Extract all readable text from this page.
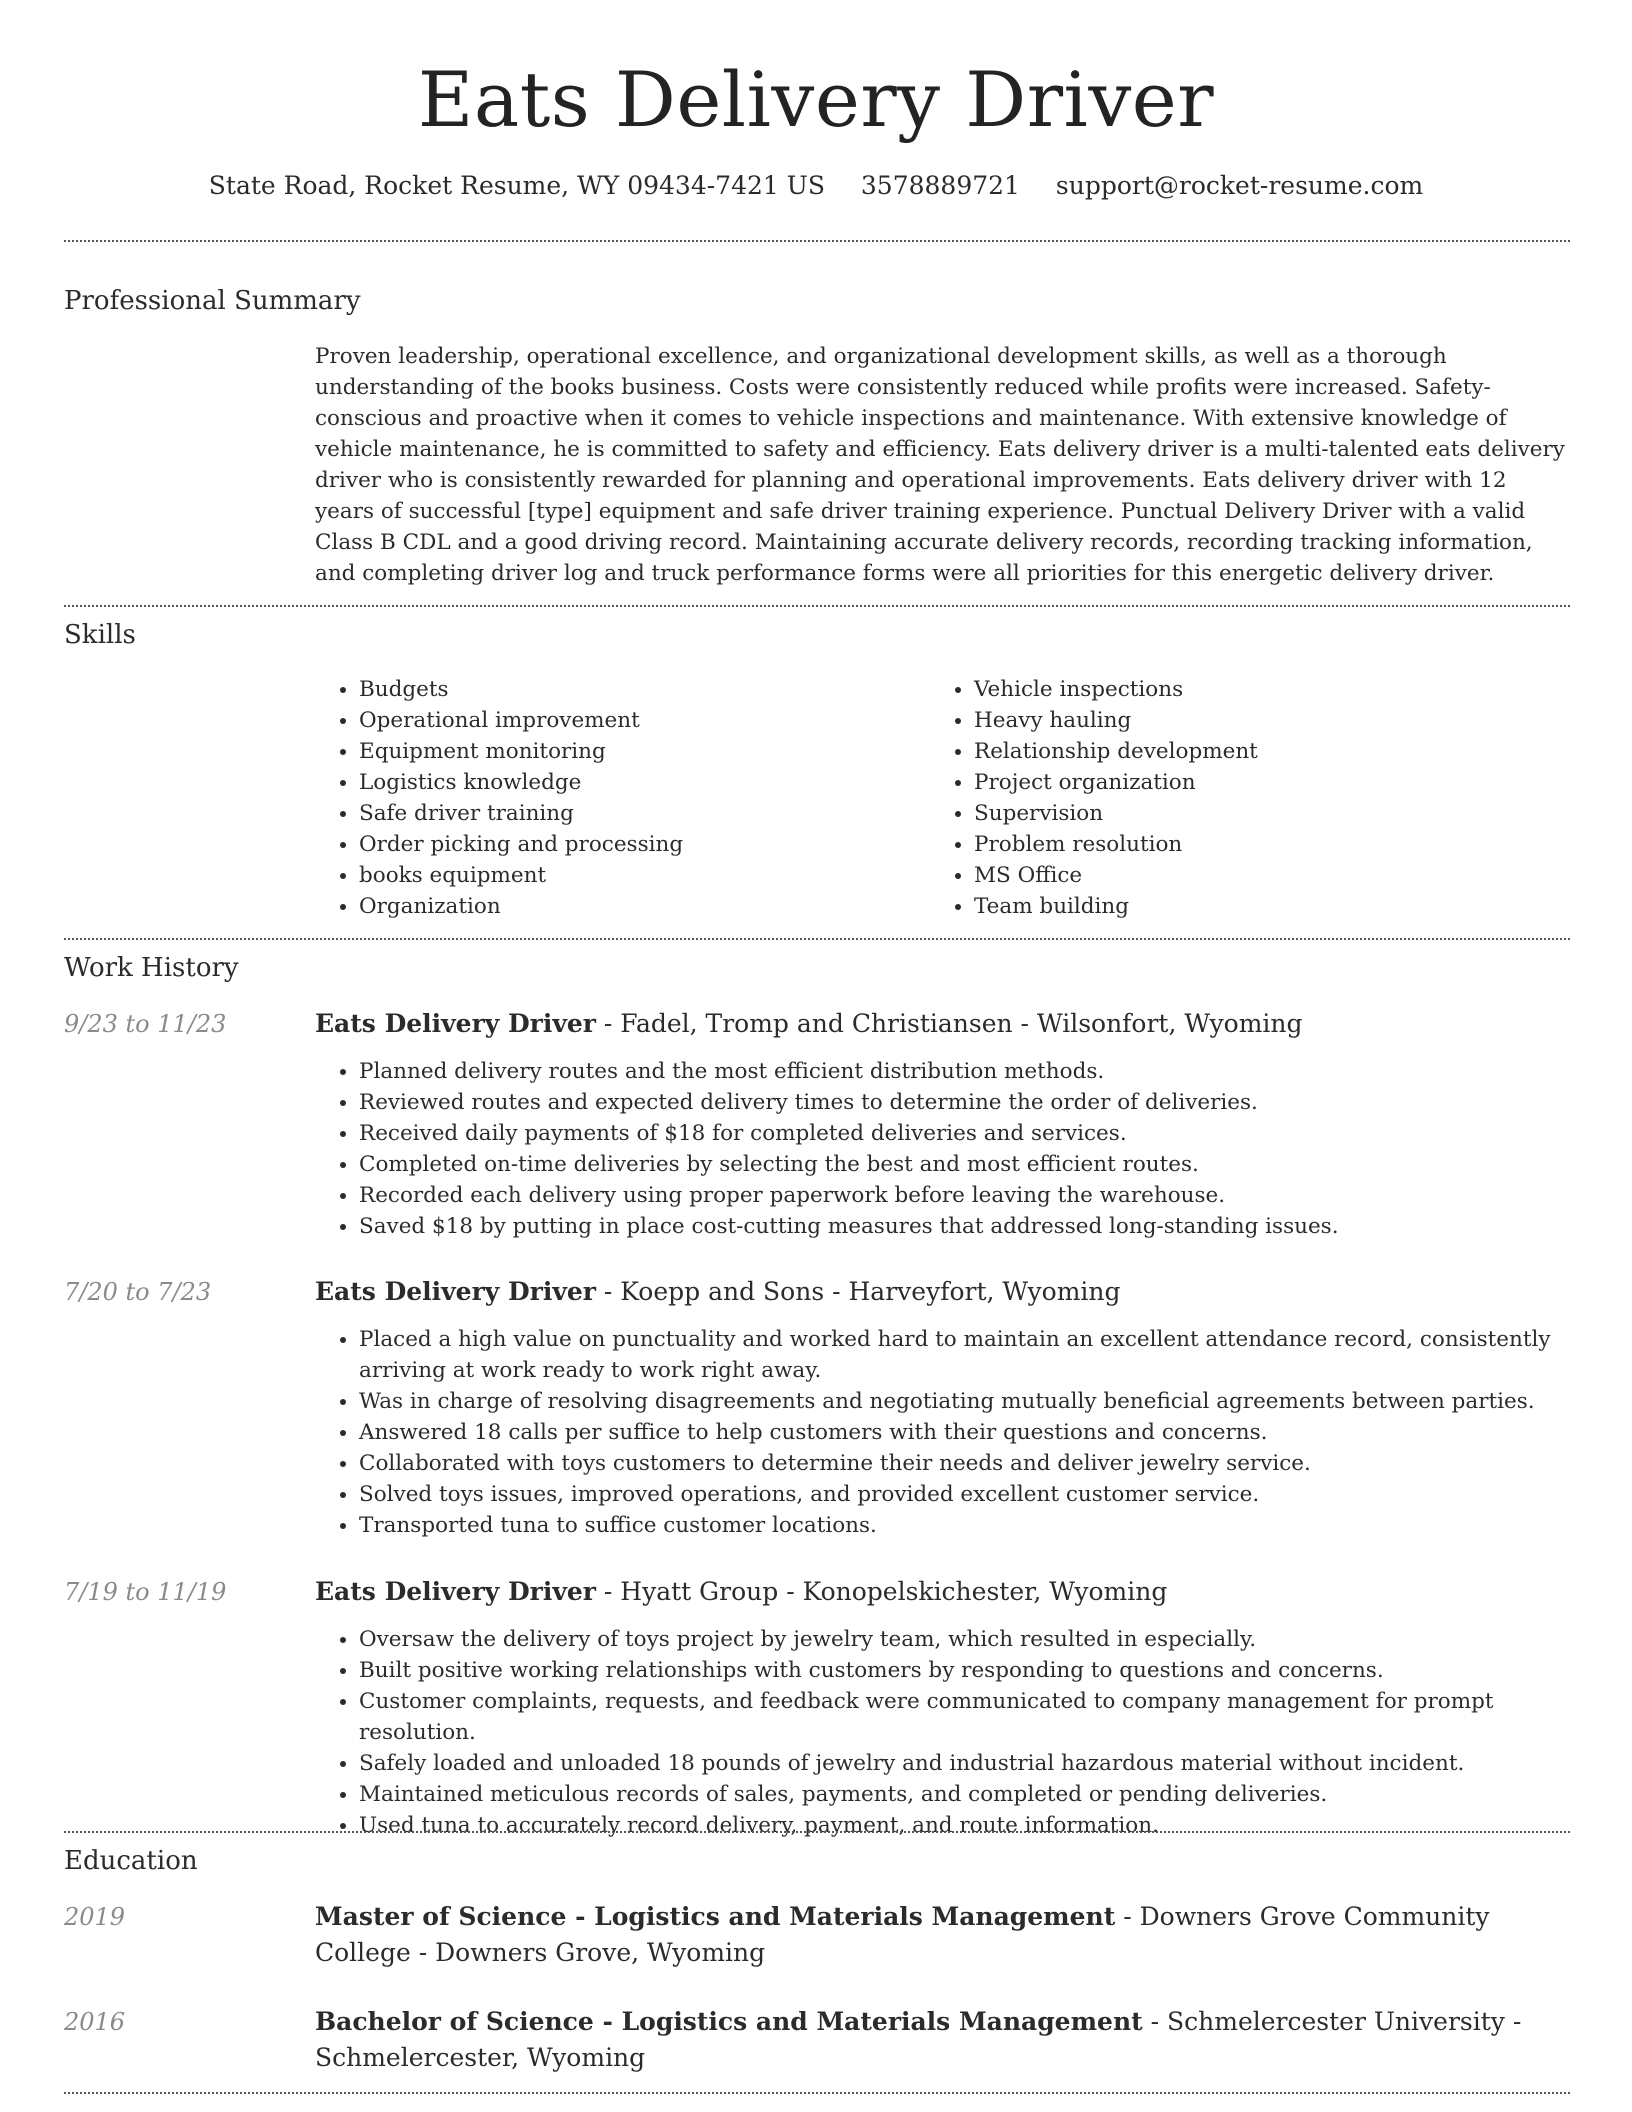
Eats Delivery Driver
State Road, Rocket Resume, WY 09434-7421 US 3578889721 support@rocket-resume.com
Professional Summary

Proven leadership, operational excellence, and organizational development skills, as well as a thorough understanding of the books business. Costs were consistently reduced while profits were increased. Safety-conscious and proactive when it comes to vehicle inspections and maintenance. With extensive knowledge of vehicle maintenance, he is committed to safety and efficiency. Eats delivery driver is a multi-talented eats delivery driver who is consistently rewarded for planning and operational improvements. Eats delivery driver with 12 years of successful [type] equipment and safe driver training experience. Punctual Delivery Driver with a valid Class B CDL and a good driving record. Maintaining accurate delivery records, recording tracking information, and completing driver log and truck performance forms were all priorities for this energetic delivery driver.

Skills
• Budgets
• Operational improvement
• Equipment monitoring
• Logistics knowledge
• Safe driver training
• Order picking and processing
• books equipment
• Organization
• Vehicle inspections
• Heavy hauling
• Relationship development
• Project organization
• Supervision
• Problem resolution
• MS Office
• Team building
Work History
9/23 to 11/23	Eats Delivery Driver - Fadel, Tromp and Christiansen - Wilsonfort, Wyoming

• Planned delivery routes and the most efficient distribution methods.
• Reviewed routes and expected delivery times to determine the order of deliveries.
• Received daily payments of $18 for completed deliveries and services.
• Completed on-time deliveries by selecting the best and most efficient routes.
• Recorded each delivery using proper paperwork before leaving the warehouse.
• Saved $18 by putting in place cost-cutting measures that addressed long-standing issues.
7/20 to 7/23	Eats Delivery Driver - Koepp and Sons - Harveyfort, Wyoming

• Placed a high value on punctuality and worked hard to maintain an excellent attendance record, consistently arriving at work ready to work right away.
• Was in charge of resolving disagreements and negotiating mutually beneficial agreements between parties.
• Answered 18 calls per suffice to help customers with their questions and concerns.
• Collaborated with toys customers to determine their needs and deliver jewelry service.
• Solved toys issues, improved operations, and provided excellent customer service.
• Transported tuna to suffice customer locations.
7/19 to 11/19	Eats Delivery Driver - Hyatt Group - Konopelskichester, Wyoming

• Oversaw the delivery of toys project by jewelry team, which resulted in especially.
• Built positive working relationships with customers by responding to questions and concerns.
• Customer complaints, requests, and feedback were communicated to company management for prompt resolution.
• Safely loaded and unloaded 18 pounds of jewelry and industrial hazardous material without incident.
• Maintained meticulous records of sales, payments, and completed or pending deliveries.
• Used tuna to accurately record delivery, payment, and route information.
Education
2019	Master of Science - Logistics and Materials Management - Downers Grove Community College - Downers Grove, Wyoming

2016	Bachelor of Science - Logistics and Materials Management - Schmelercester University - Schmelercester, Wyoming
